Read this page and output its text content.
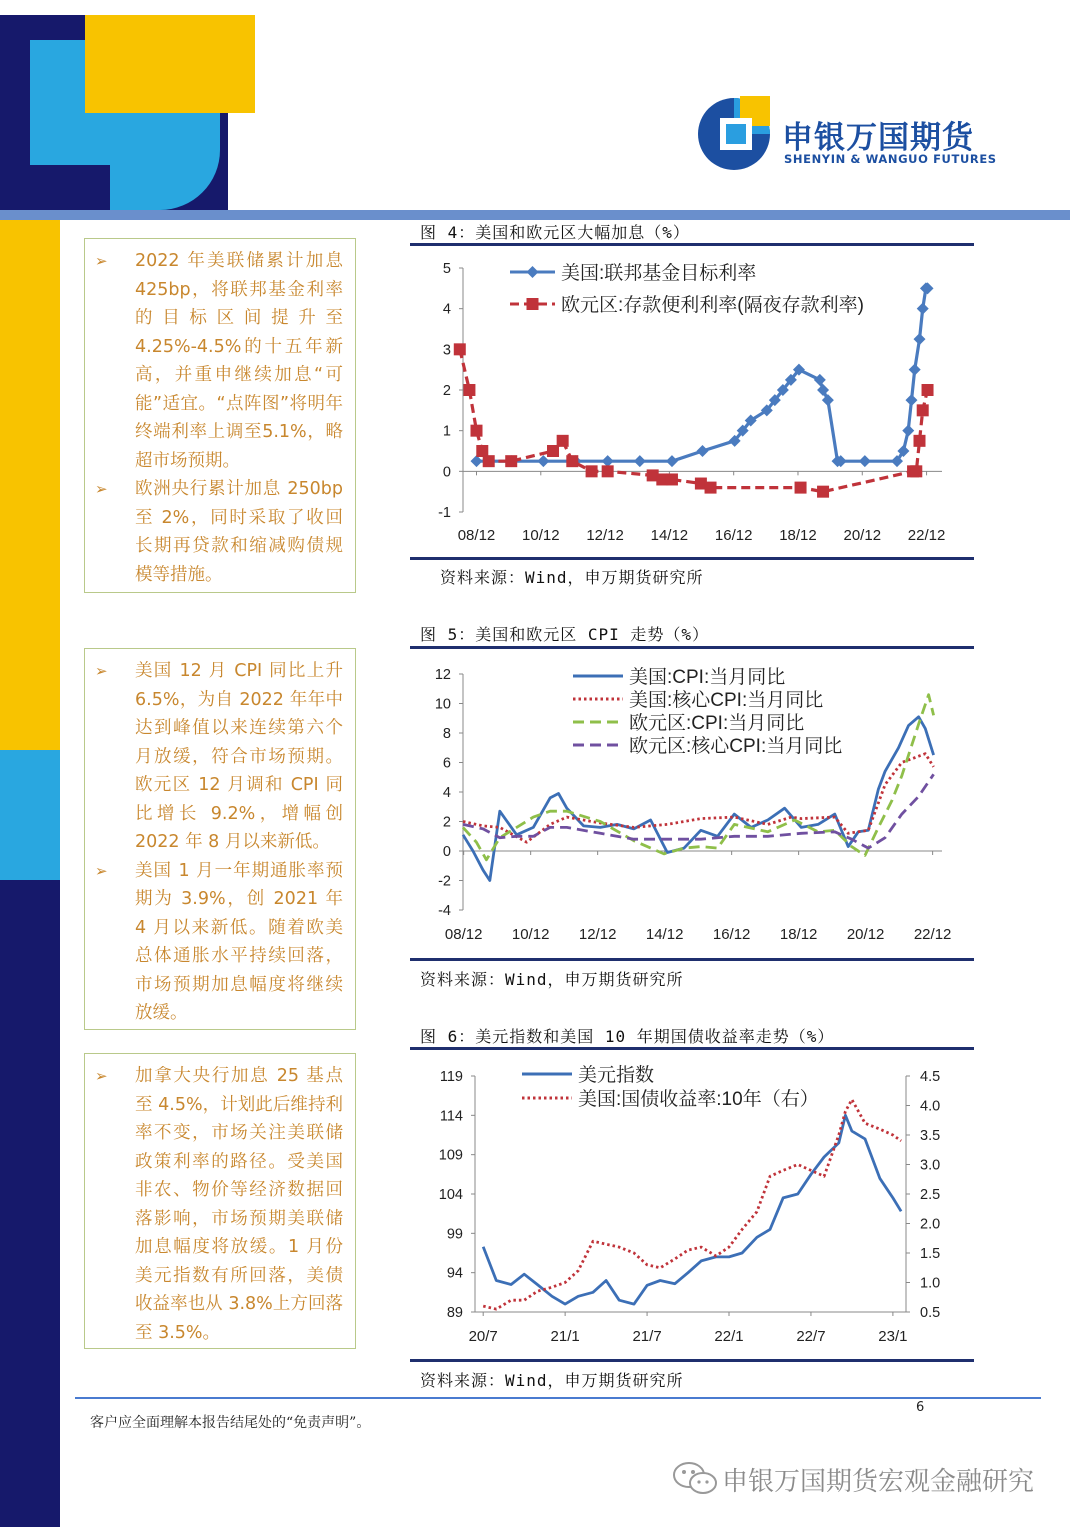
申银万国期货
SHENYIN & WANGUO FUTURES
➢ 2022 年美联储累计加息 425bp，将联邦基金利率的目标区间提升至4.25%-4.5%的十五年新高，并重申继续加息“可能”适宜。“点阵图”将明年终端利率上调至5.1%，略超市场预期。
➢ 欧洲央行累计加息 250bp 至 2%，同时采取了收回长期再贷款和缩减购债规模等措施。
➢ 美国 12 月 CPI 同比上升 6.5%，为自 2022 年年中达到峰值以来连续第六个月放缓，符合市场预期。欧元区 12 月调和 CPI 同比增长 9.2%，增幅创 2022 年 8 月以来新低。
➢ 美国 1 月一年期通胀率预期为 3.9%，创 2021 年 4 月以来新低。随着欧美总体通胀水平持续回落，市场预期加息幅度将继续放缓。
➢ 加拿大央行加息 25 基点至 4.5%，计划此后维持利率不变，市场关注美联储政策利率的路径。受美国非农、物价等经济数据回落影响，市场预期美联储加息幅度将放缓。1 月份美元指数有所回落，美债收益率也从 3.8%上方回落至 3.5%。
图 4：美国和欧元区大幅加息（%）
5
4
3
2
1
0
-1
08/12 10/12 12/12 14/12 16/12 18/12 20/12 22/12
美国:联邦基金目标利率
欧元区:存款便利利率(隔夜存款利率)
资料来源：Wind，申万期货研究所
图 5：美国和欧元区 CPI 走势（%）
12
10
8
6
4
2
0
-2
-4
08/12 10/12 12/12 14/12 16/12 18/12 20/12 22/12
美国:CPI:当月同比
美国:核心CPI:当月同比
欧元区:CPI:当月同比
欧元区:核心CPI:当月同比
资料来源：Wind，申万期货研究所
图 6：美元指数和美国 10 年期国债收益率走势（%）
119
114
109
104
99
94
89
4.5
4.0
3.5
3.0
2.5
2.0
1.5
1.0
0.5
20/7	21/1	21/7	22/1	22/7	23/1
美元指数
美国:国债收益率:10年（右）
资料来源：Wind，申万期货研究所
6
客户应全面理解本报告结尾处的“免责声明”。
申银万国期货宏观金融研究
